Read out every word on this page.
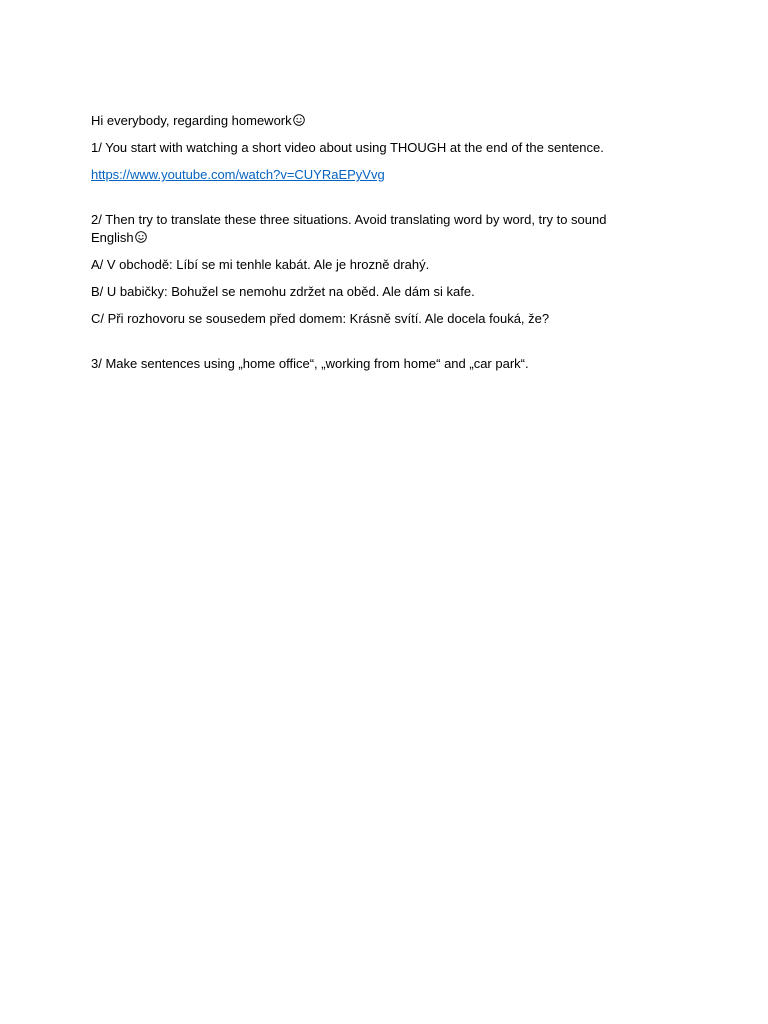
Hi everybody, regarding homework

1/ You start with watching a short video about using THOUGH at the end of the sentence.

https://www.youtube.com/watch?v=CUYRaEPyVvg

2/ Then try to translate these three situations. Avoid translating word by word, try to sound
English

A/ V obchodě: Líbí se mi tenhle kabát. Ale je hrozně drahý.

B/ U babičky: Bohužel se nemohu zdržet na oběd. Ale dám si kafe.

C/ Při rozhovoru se sousedem před domem: Krásně svítí. Ale docela fouká, že?

3/ Make sentences using „home office“, „working from home“ and „car park“.
